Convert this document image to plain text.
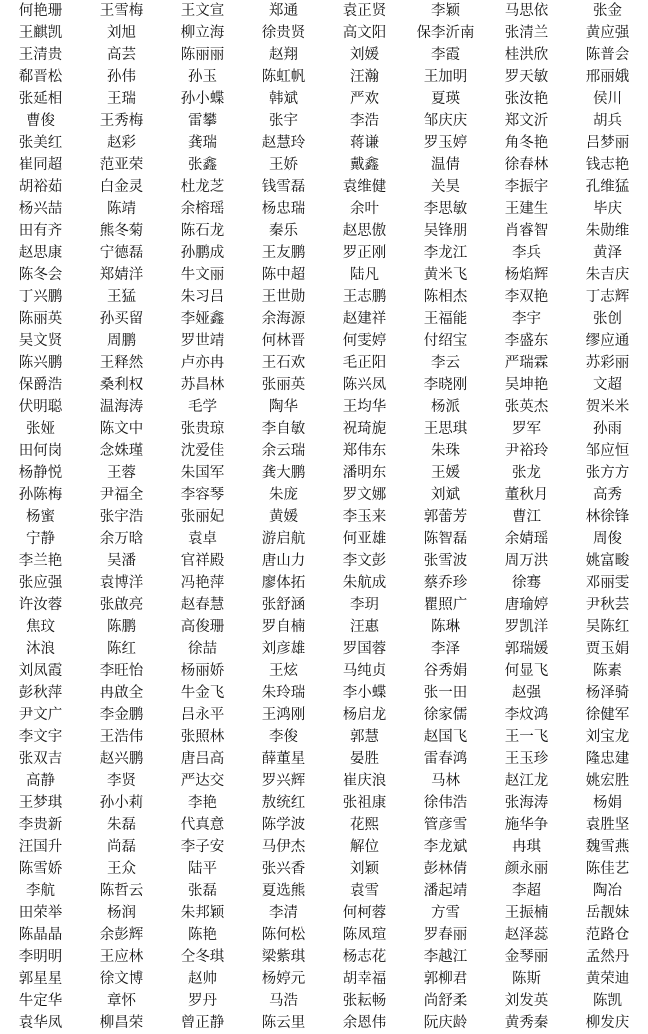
何艳珊	王雪梅	王文宣	郑通	袁正贤	李颖	马思依	张金
王麒凯	刘旭	柳立海	徐贵贤	高文阳	保李沂南	张清兰	黄应强
王清贵	高芸	陈丽丽	赵翔	刘媛	李霞	桂洪欣	陈普会
郗晋松	孙伟	孙玉	陈虹帆	汪瀚	王加明	罗天敏	邢丽娥
张延相	王瑞	孙小蝶	韩斌	严欢	夏瑛	张汝艳	侯川
曹俊	王秀梅	雷攀	张宇	李浩	邹庆庆	郑文沂	胡兵
张美红	赵彩	龚瑞	赵慧玲	蒋谦	罗玉婷	角冬艳	吕梦丽
崔同超	范亚荣	张鑫	王娇	戴鑫	温倩	徐春林	钱志艳
胡裕茹	白金灵	杜龙芝	钱雪磊	袁维健	关昊	李振宇	孔维猛
杨兴喆	陈靖	余榕瑶	杨忠瑞	余叶	李思敏	王建生	毕庆
田有齐	熊冬菊	陈石龙	秦乐	赵思傲	吴锋朋	肖睿智	朱勋维
赵思康	宁德磊	孙鹏成	王友鹏	罗正刚	李龙江	李兵	黄泽
陈冬会	郑婧洋	牛文丽	陈中超	陆凡	黄米飞	杨焰辉	朱吉庆
丁兴鹏	王猛	朱习吕	王世勋	王志鹏	陈相杰	李双艳	丁志辉
陈丽英	孙买留	李娅鑫	余海源	赵建祥	王福能	李宇	张创
吴文贤	周鹏	罗世靖	何林晋	何雯婷	付绍宝	李盛东	缪应通
陈兴鹏	王释然	卢亦冉	王石欢	毛正阳	李云	严瑞霖	苏彩丽
保爵浩	桑利权	苏昌林	张丽英	陈兴凤	李晓刚	吴坤艳	文超
伏明聪	温海涛	毛学	陶华	王均华	杨派	张英杰	贺米米
张娅	陈文中	张贵琼	李自敏	祝琦旎	王思琪	罗军	孙雨
田何岗	念姝瑾	沈爱佳	余云瑞	郑伟东	朱珠	尹裕玲	邹应恒
杨静悦	王蓉	朱国军	龚大鹏	潘明东	王媛	张龙	张方方
孙陈梅	尹福全	李容琴	朱庞	罗文娜	刘斌	董秋月	高秀
杨蜜	张宇浩	张丽妃	黄媛	李玉来	郭蕾芳	曹江	林徐锋
宁静	余万晗	袁卓	游启航	何亚雄	陈智磊	余婧瑶	周俊
李兰艳	吴潘	官祥殿	唐山力	李文彭	张雪波	周万洪	姚富畯
张应强	袁博洋	冯艳萍	廖体拓	朱航成	蔡乔珍	徐骞	邓丽雯
许汝蓉	张啟亮	赵春慧	张舒涵	李玥	瞿照广	唐瑜婷	尹秋芸
焦玟	陈鹏	高俊珊	罗自楠	汪惠	陈琳	罗凯洋	吴陈红
沐浪	陈红	徐喆	刘彦雄	罗国蓉	李泽	郭瑞媛	贾玉娟
刘凤霞	李旺怡	杨丽娇	王炫	马纯贞	谷秀娟	何显飞	陈素
彭秋萍	冉啟全	牛金飞	朱玲瑞	李小蝶	张一田	赵强	杨泽骑
尹文广	李金鹏	吕永平	王鸿刚	杨启龙	徐家儒	李炆鸿	徐健军
李文宇	王浩伟	张照林	李俊	郭慧	赵国飞	王一飞	刘宝龙
张双吉	赵兴鹏	唐吕高	薛董星	晏胜	雷春鸿	王玉珍	隆忠建
高静	李贤	严达交	罗兴辉	崔庆浪	马林	赵江龙	姚宏胜
王梦琪	孙小莉	李艳	敖统红	张祖康	徐伟浩	张海涛	杨娟
李贵新	朱磊	代真意	陈学波	花熙	管彦雪	施华争	袁胜坚
汪国升	尚磊	李子安	马伊杰	解位	李龙斌	冉琪	魏雪燕
陈雪娇	王众	陆平	张兴香	刘颖	彭林倩	颜永丽	陈佳艺
李航	陈哲云	张磊	夏选熊	袁雪	潘起靖	李超	陶冶
田荣举	杨润	朱邦颖	李清	何柯蓉	方雪	王振楠	岳靓妹
陈晶晶	余彭辉	陈艳	陈何松	陈凤瑄	罗春丽	赵泽蕊	范路仓
李明明	王应林	仝冬琪	梁紫琪	杨志花	李越江	金琴丽	孟然丹
郭星星	徐文博	赵帅	杨婷元	胡幸福	郭柳君	陈斯	黄荣迪
牛定华	章怀	罗丹	马浩	张耘畅	尚舒柔	刘发英	陈凯
袁华凤	柳昌荣	曾正静	陈云里	余恩伟	阮庆龄	黄秀秦	柳发庆
